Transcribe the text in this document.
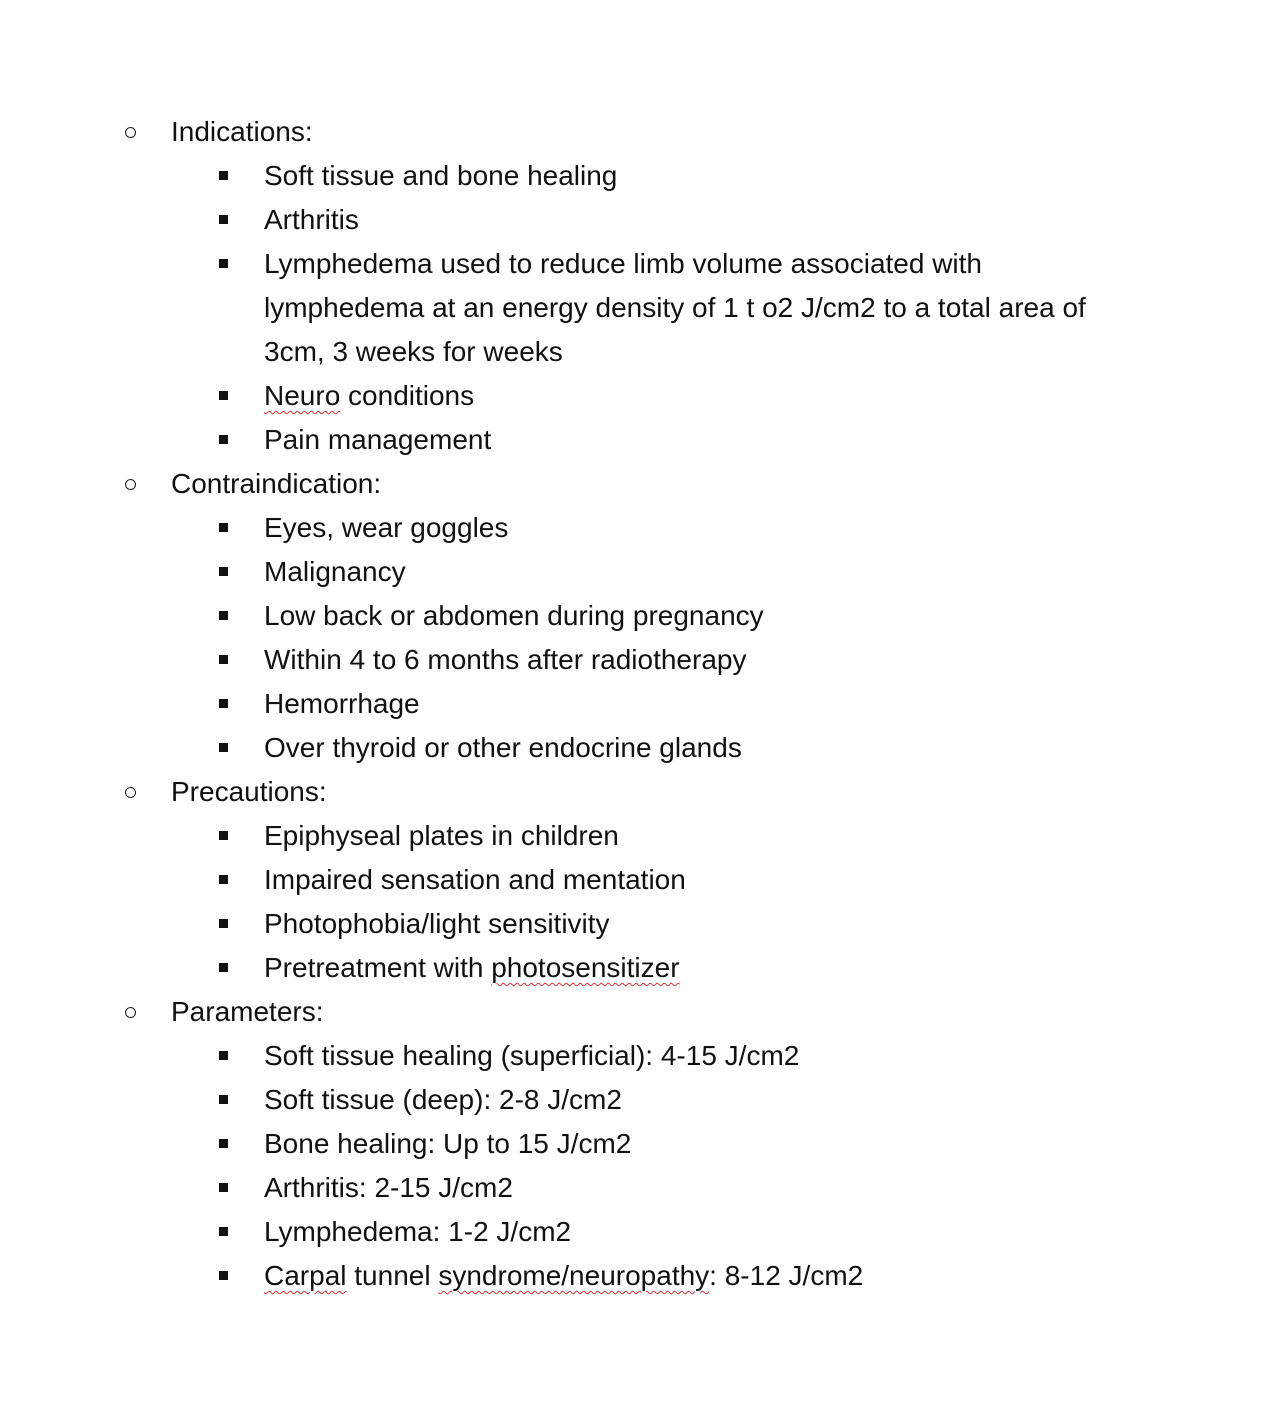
Indications:
Soft tissue and bone healing
Arthritis
Lymphedema used to reduce limb volume associated with lymphedema at an energy density of 1 t o2 J/cm2 to a total area of 3cm, 3 weeks for weeks
Neuro conditions
Pain management
Contraindication:
Eyes, wear goggles
Malignancy
Low back or abdomen during pregnancy
Within 4 to 6 months after radiotherapy
Hemorrhage
Over thyroid or other endocrine glands
Precautions:
Epiphyseal plates in children
Impaired sensation and mentation
Photophobia/light sensitivity
Pretreatment with photosensitizer
Parameters:
Soft tissue healing (superficial): 4-15 J/cm2
Soft tissue (deep): 2-8 J/cm2
Bone healing: Up to 15 J/cm2
Arthritis: 2-15 J/cm2
Lymphedema: 1-2 J/cm2
Carpal tunnel syndrome/neuropathy: 8-12 J/cm2
